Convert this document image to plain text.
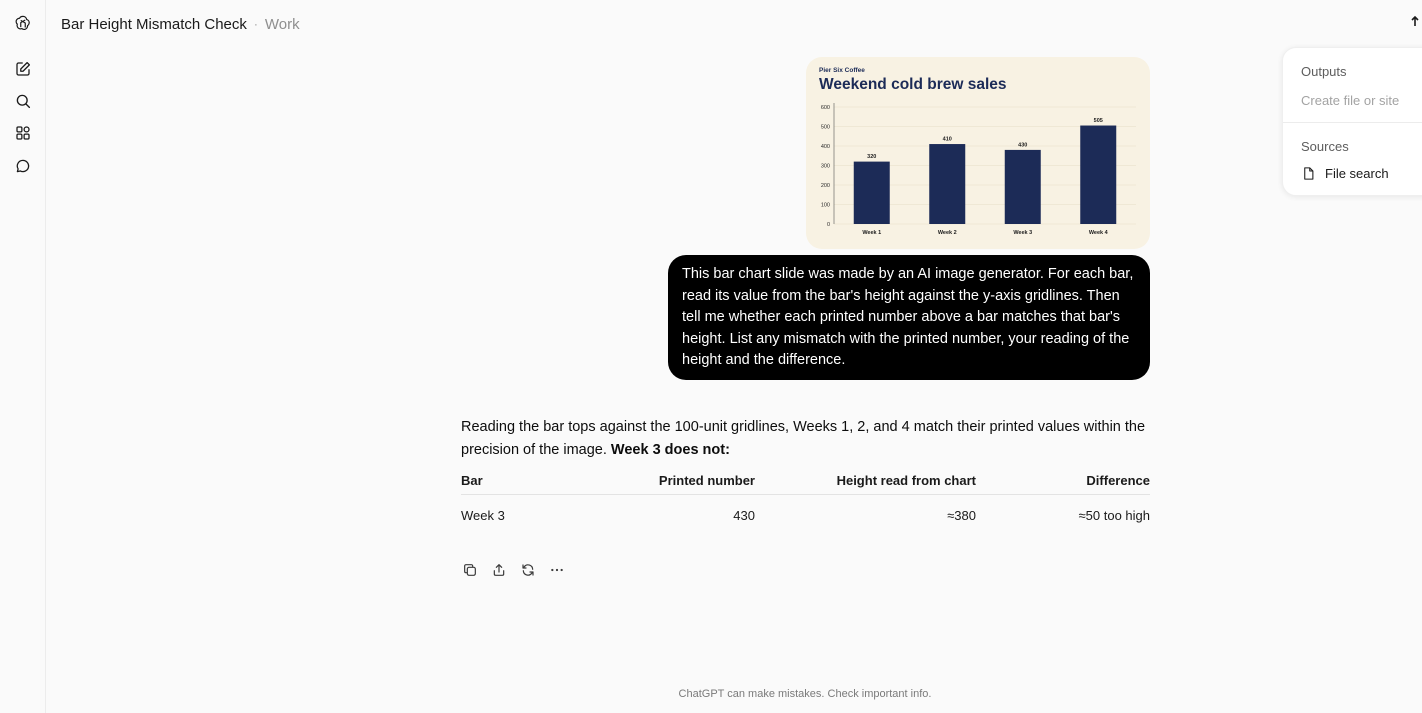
Bar Height Mismatch Check · Work
Outputs
Create file or site
Sources
File search
Pier Six Coffee
Weekend cold brew sales
0
100
200
300
400
500
600
320
Week 1
410
Week 2
430
Week 3
505
Week 4
This bar chart slide was made by an AI image generator. For each bar, read its value from the bar's height against the y-axis gridlines. Then tell me whether each printed number above a bar matches that bar's height. List any mismatch with the printed number, your reading of the height and the difference.
Reading the bar tops against the 100-unit gridlines, Weeks 1, 2, and 4 match their printed values within the precision of the image. Week 3 does not:
Bar	Printed number	Height read from chart	Difference
Week 3	430	≈380	≈50 too high
ChatGPT can make mistakes. Check important info.
